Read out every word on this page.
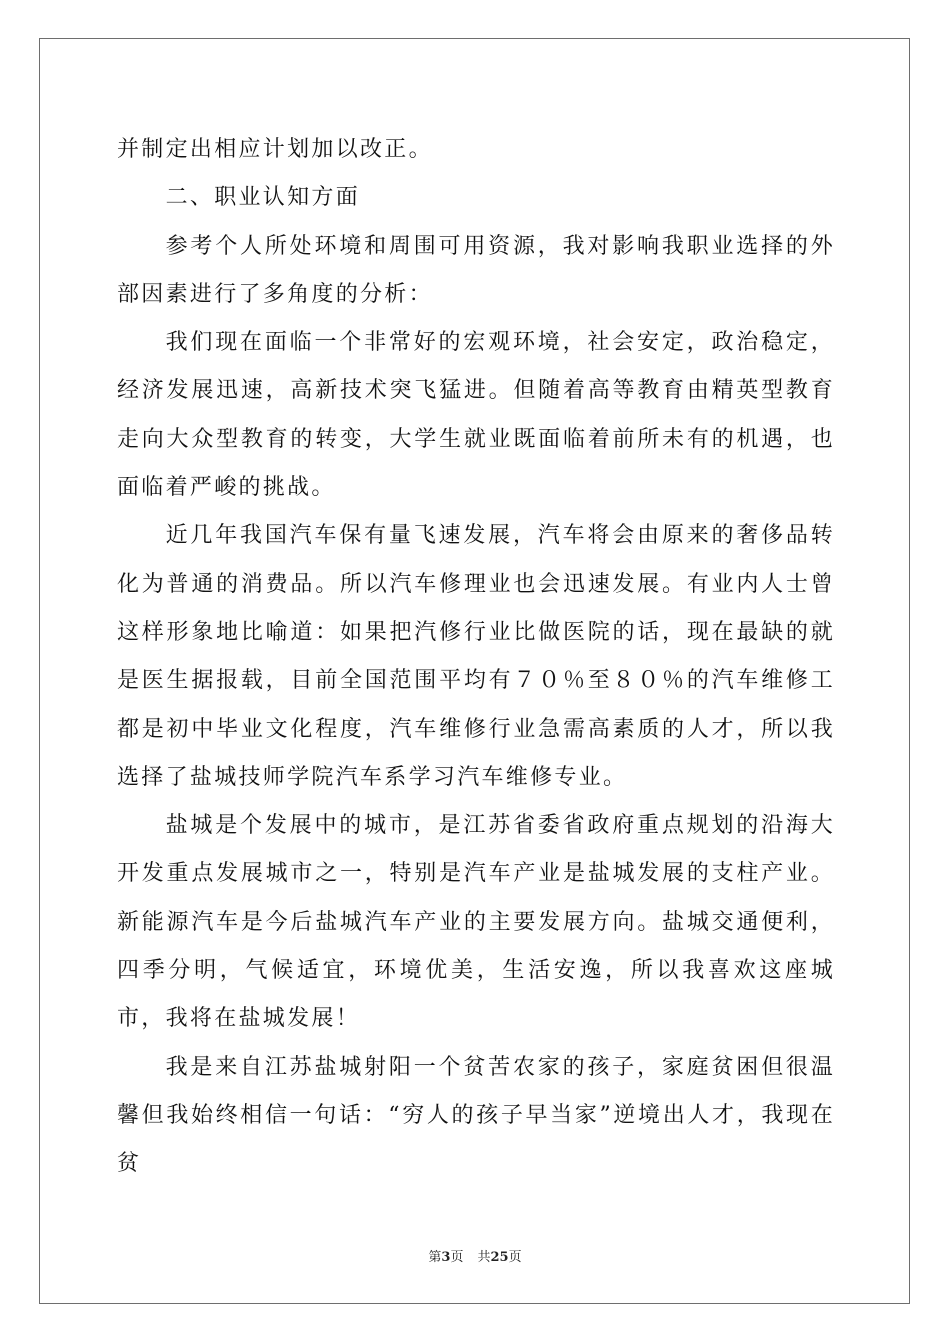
并制定出相应计划加以改正。

二、职业认知方面

参考个人所处环境和周围可用资源，我对影响我职业选择的外部因素进行了多角度的分析：

我们现在面临一个非常好的宏观环境，社会安定，政治稳定，经济发展迅速，高新技术突飞猛进。但随着高等教育由精英型教育走向大众型教育的转变，大学生就业既面临着前所未有的机遇，也面临着严峻的挑战。

近几年我国汽车保有量飞速发展，汽车将会由原来的奢侈品转化为普通的消费品。所以汽车修理业也会迅速发展。有业内人士曾这样形象地比喻道：如果把汽修行业比做医院的话，现在最缺的就是医生据报载，目前全国范围平均有７０％至８０％的汽车维修工都是初中毕业文化程度，汽车维修行业急需高素质的人才，所以我选择了盐城技师学院汽车系学习汽车维修专业。

盐城是个发展中的城市，是江苏省委省政府重点规划的沿海大开发重点发展城市之一，特别是汽车产业是盐城发展的支柱产业。新能源汽车是今后盐城汽车产业的主要发展方向。盐城交通便利，四季分明，气候适宜，环境优美，生活安逸，所以我喜欢这座城市，我将在盐城发展！

我是来自江苏盐城射阳一个贫苦农家的孩子，家庭贫困但很温馨但我始终相信一句话：“穷人的孩子早当家”逆境出人才，我现在贫

第3页 共25页
